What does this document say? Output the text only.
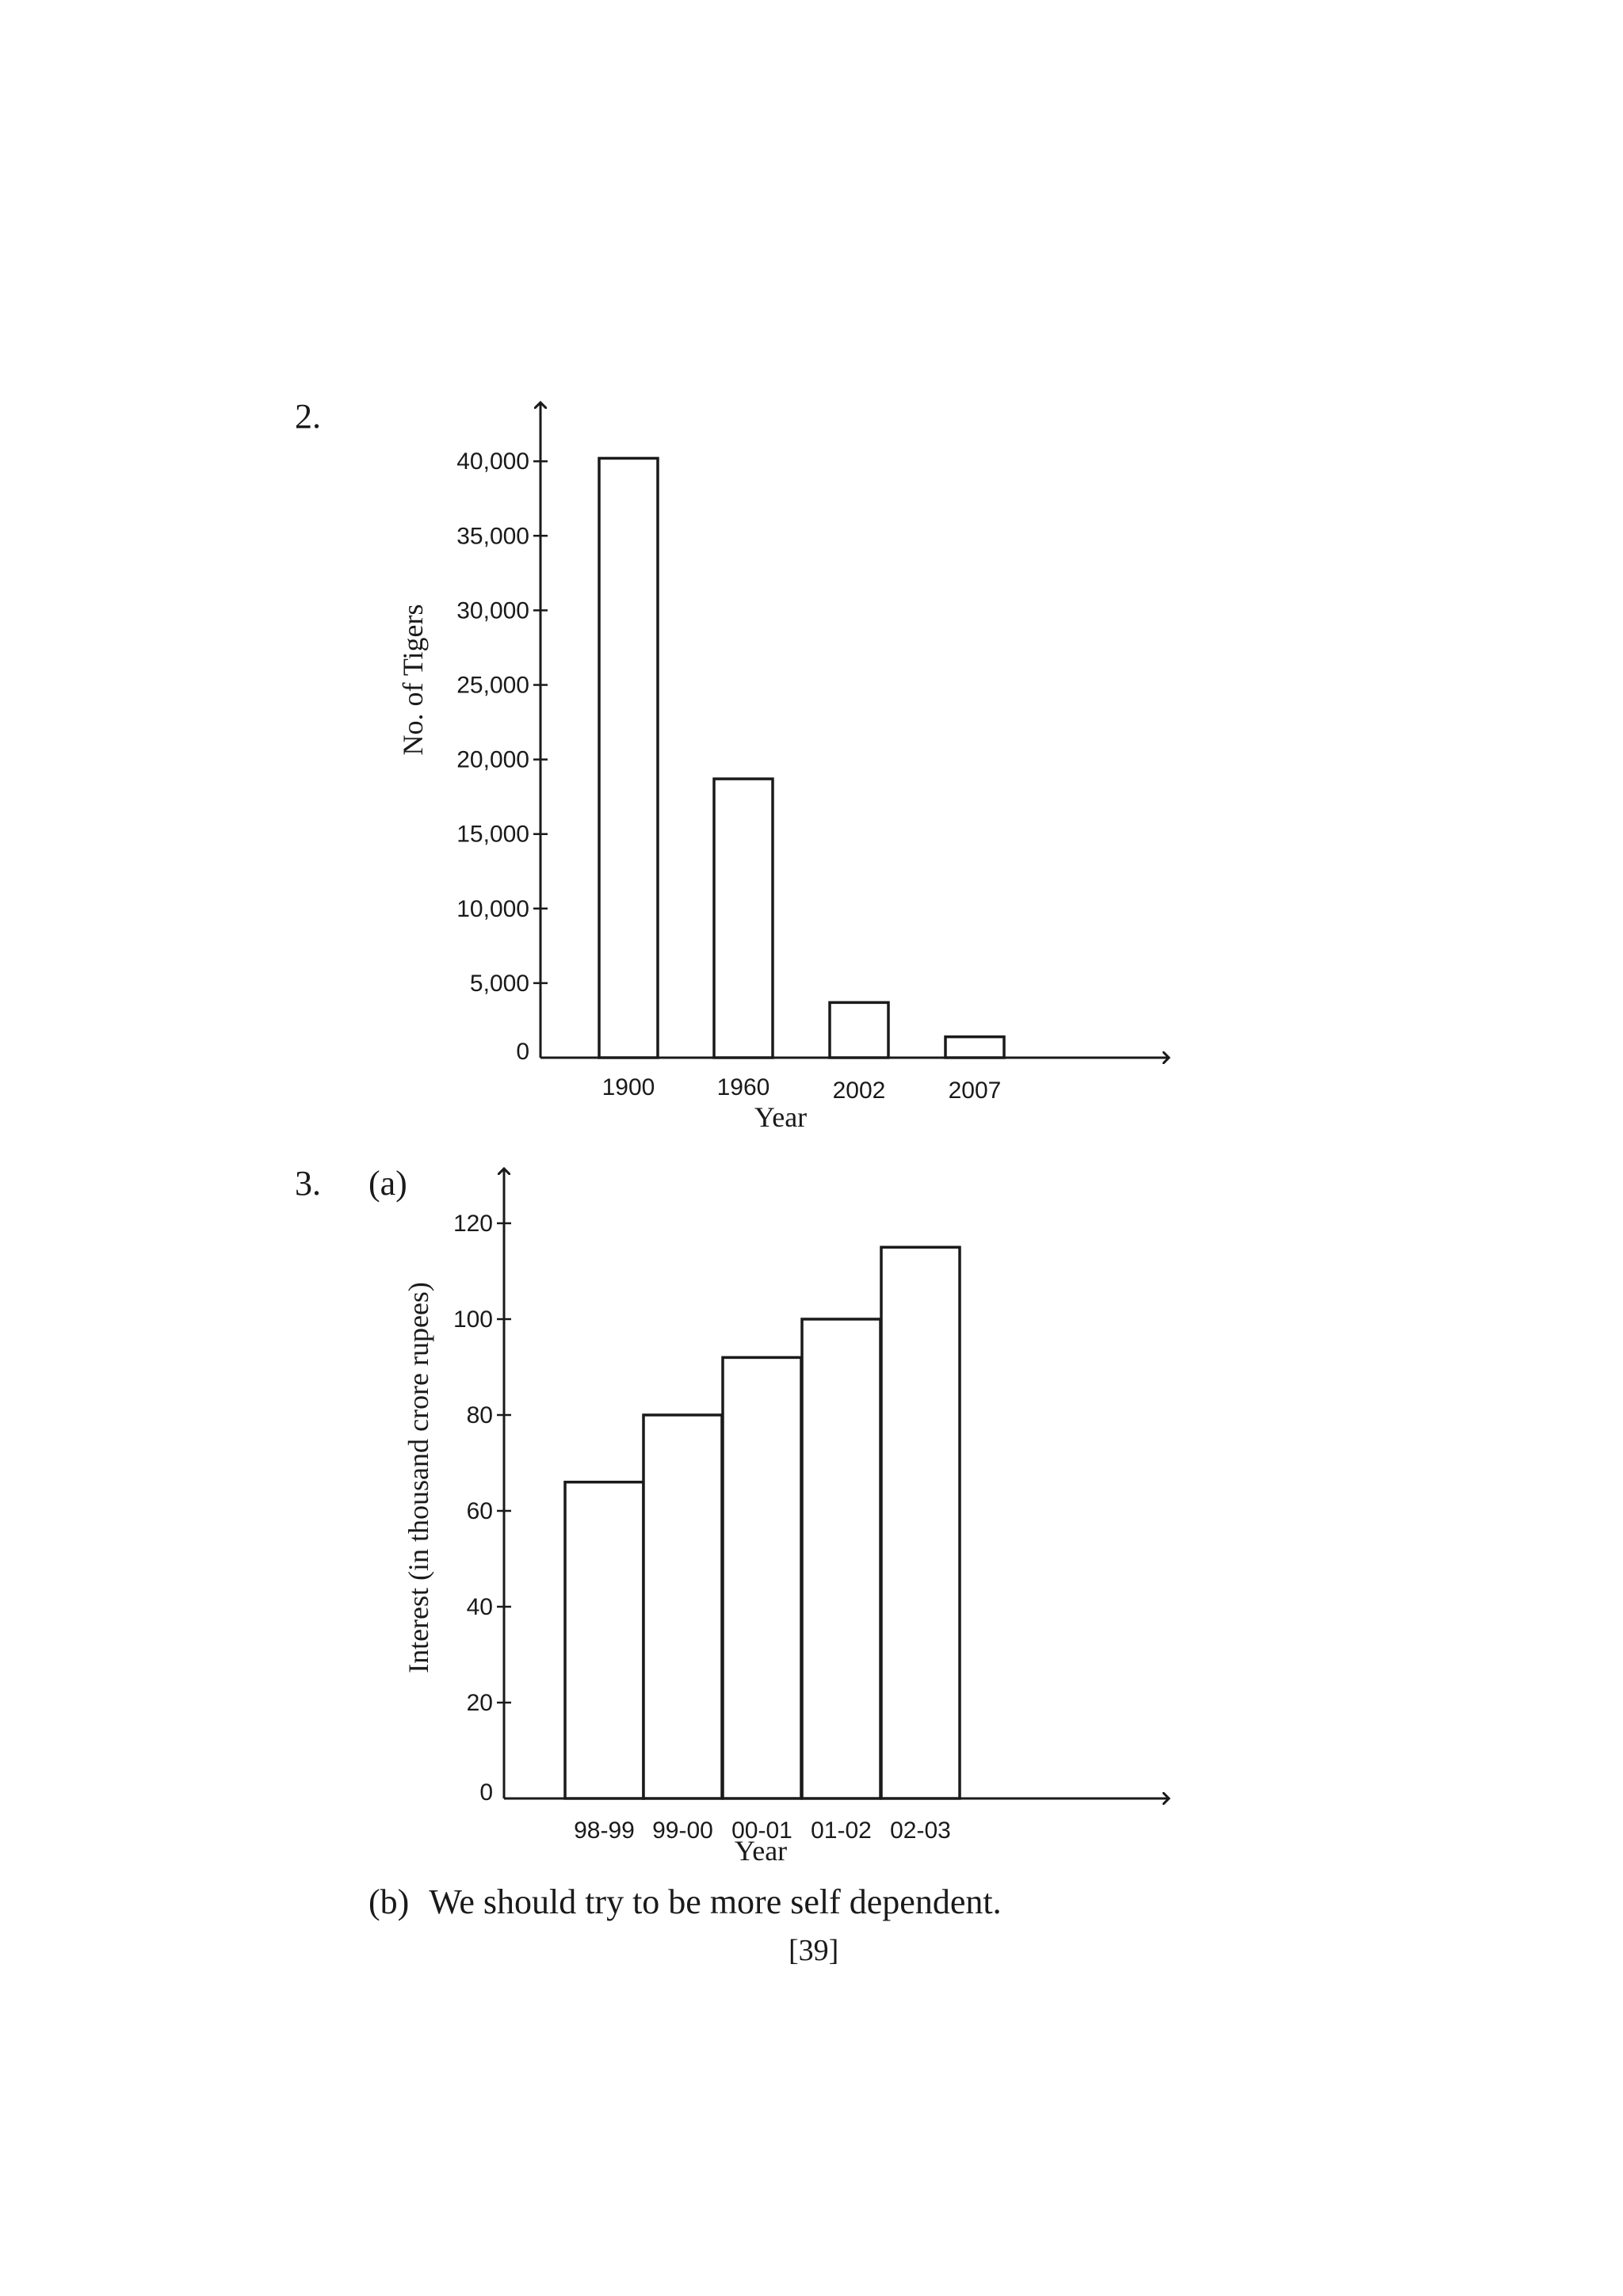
2.
0
5,000
10,000
15,000
20,000
25,000
30,000
35,000
40,000
1900	1960	2002	2007
No. of Tigers
Year
3. (a)
0
20
40
60
80
100
120
98-99 99-00 00-01 01-02 02-03
Interest (in thousand crore rupees)
Year
(b) We should try to be more self dependent.
[39]
